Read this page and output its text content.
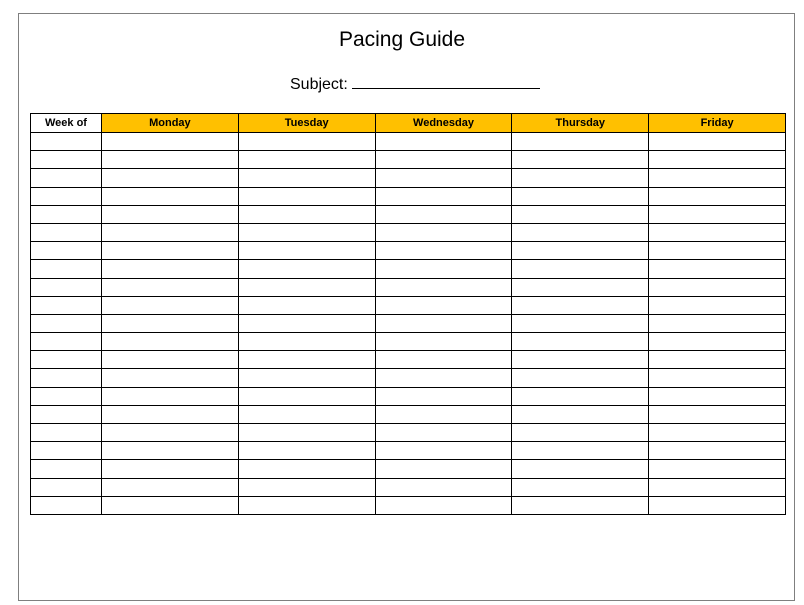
Pacing Guide
Subject:
Week of	Monday	Tuesday	Wednesday	Thursday	Friday
